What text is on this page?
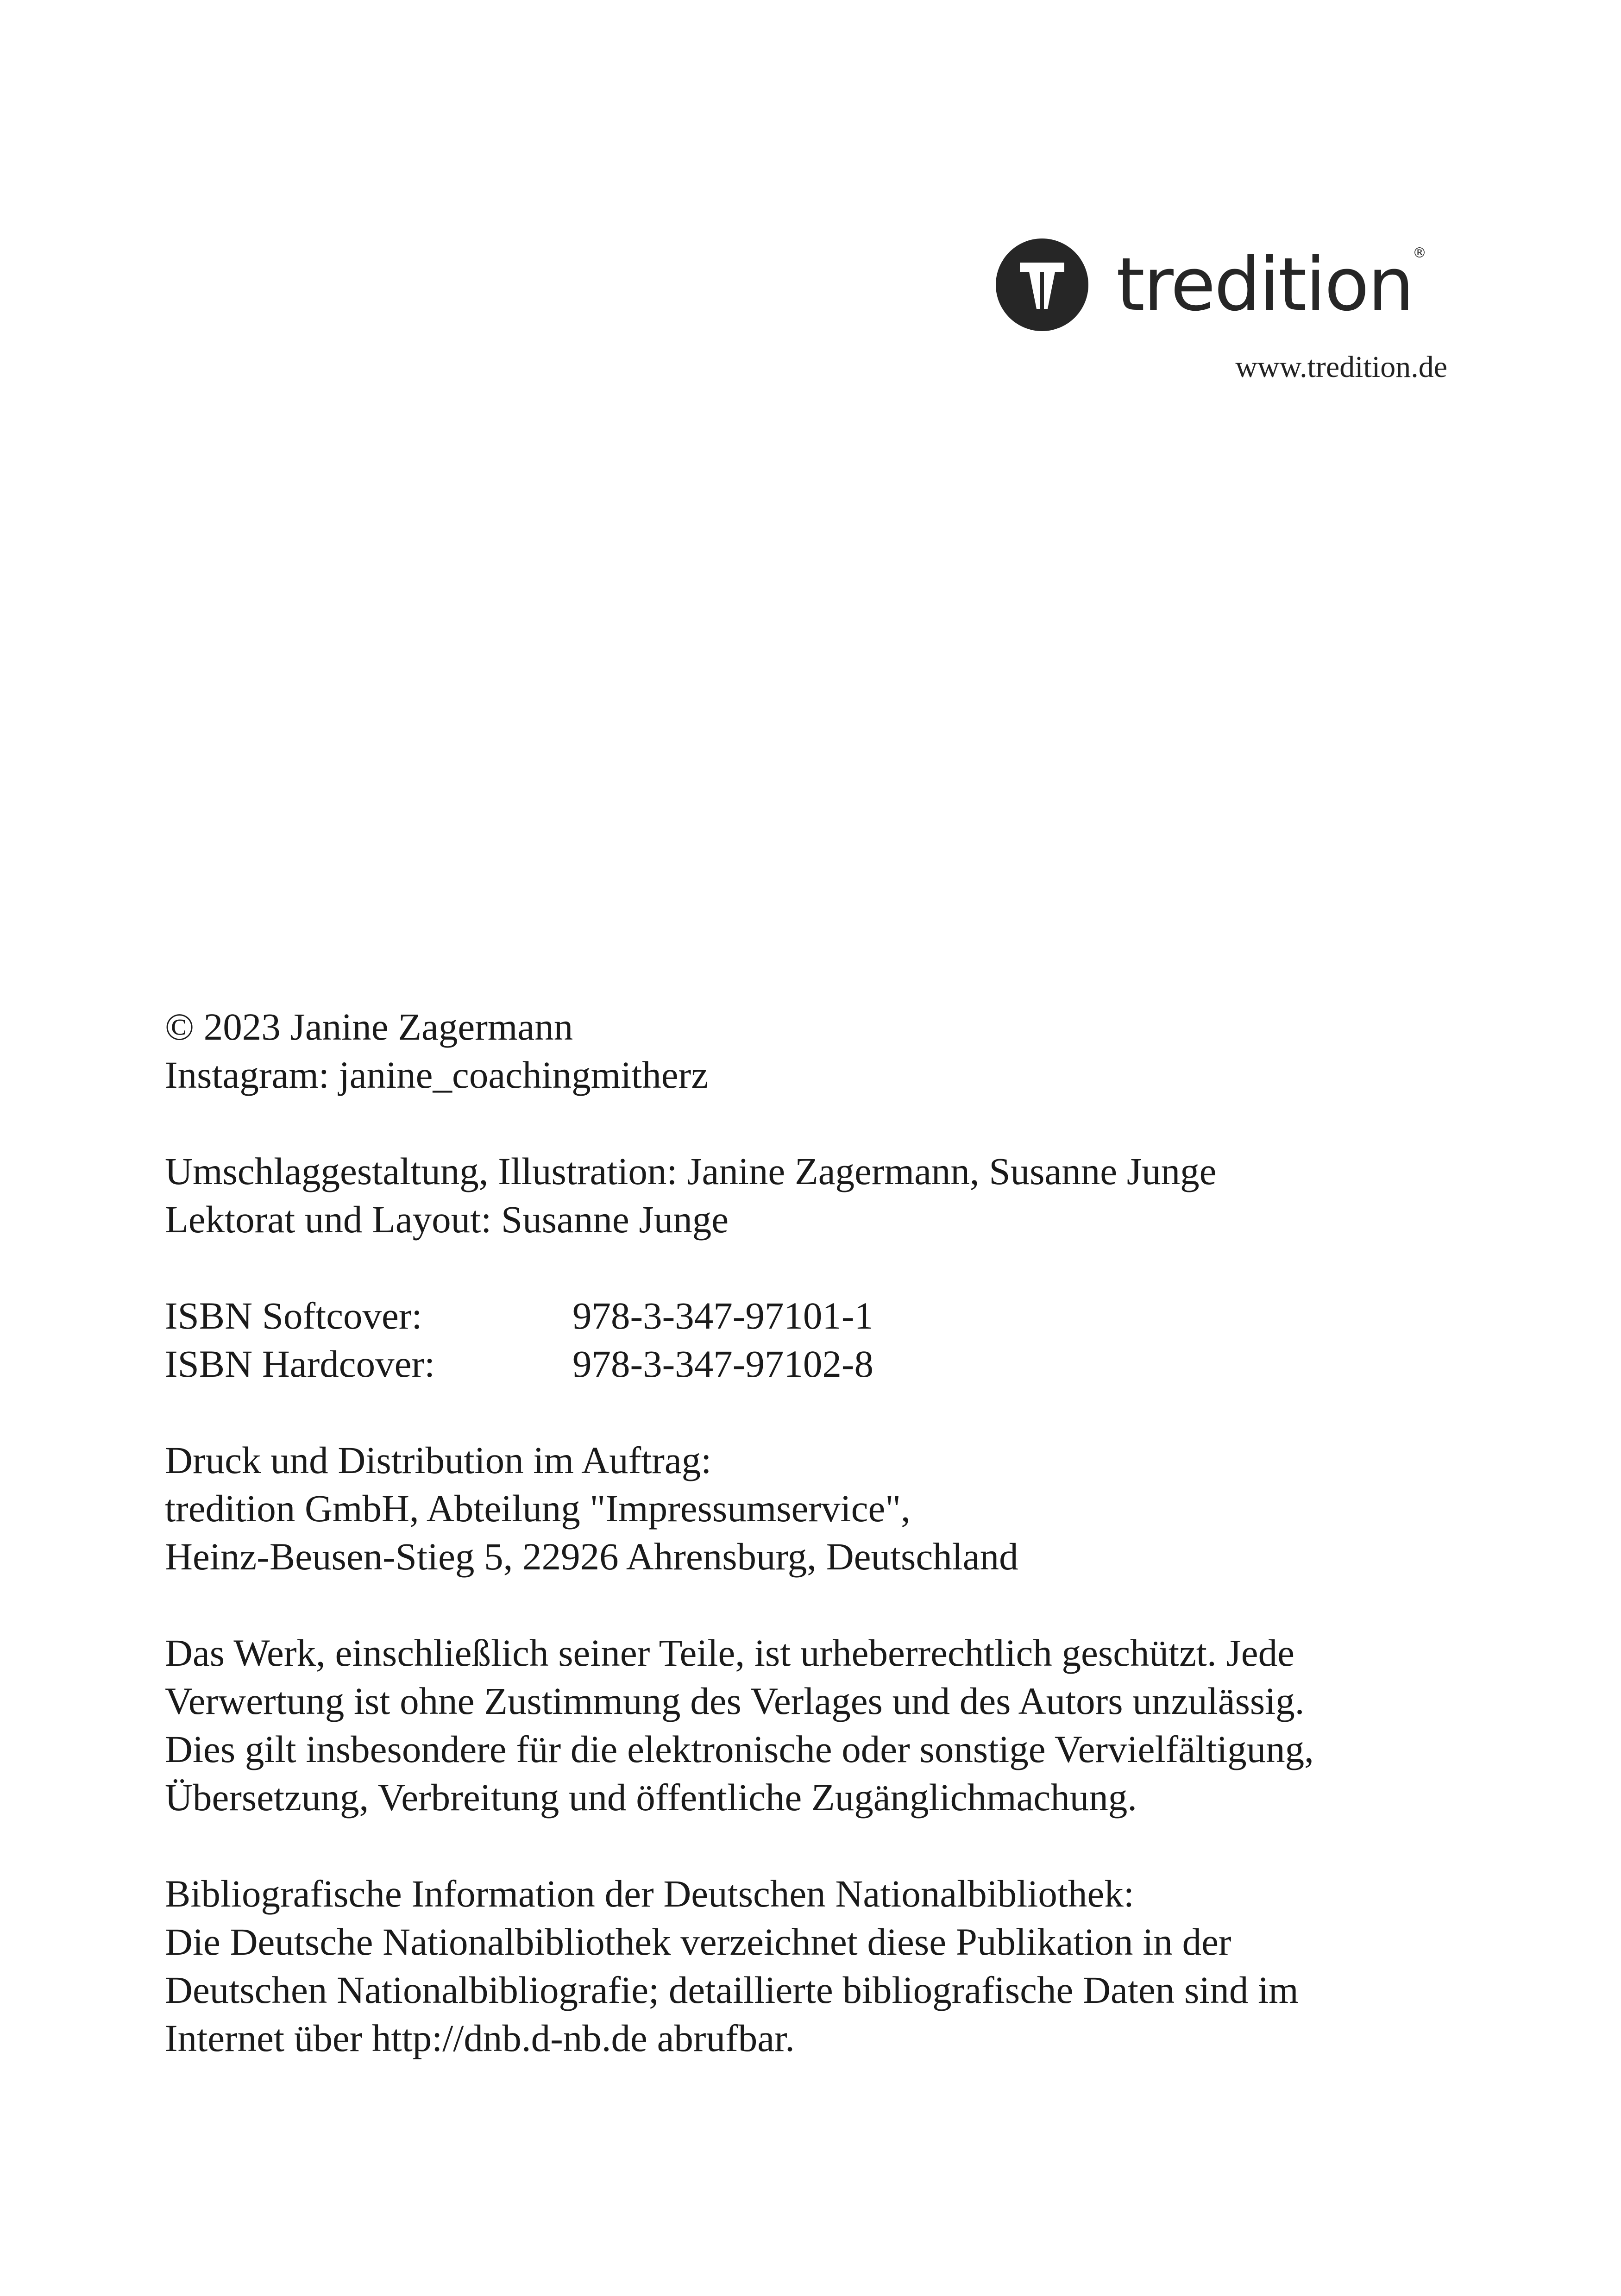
tredition ®
www.tredition.de
© 2023 Janine Zagermann
Instagram: janine_coachingmitherz
Umschlaggestaltung, Illustration: Janine Zagermann, Susanne Junge
Lektorat und Layout: Susanne Junge
ISBN Softcover:	978-3-347-97101-1
ISBN Hardcover:	978-3-347-97102-8
Druck und Distribution im Auftrag:
tredition GmbH, Abteilung "Impressumservice",
Heinz-Beusen-Stieg 5, 22926 Ahrensburg, Deutschland
Das Werk, einschließlich seiner Teile, ist urheberrechtlich geschützt. Jede
Verwertung ist ohne Zustimmung des Verlages und des Autors unzulässig.
Dies gilt insbesondere für die elektronische oder sonstige Vervielfältigung,
Übersetzung, Verbreitung und öffentliche Zugänglichmachung.
Bibliografische Information der Deutschen Nationalbibliothek:
Die Deutsche Nationalbibliothek verzeichnet diese Publikation in der
Deutschen Nationalbibliografie; detaillierte bibliografische Daten sind im
Internet über http://dnb.d-nb.de abrufbar.
